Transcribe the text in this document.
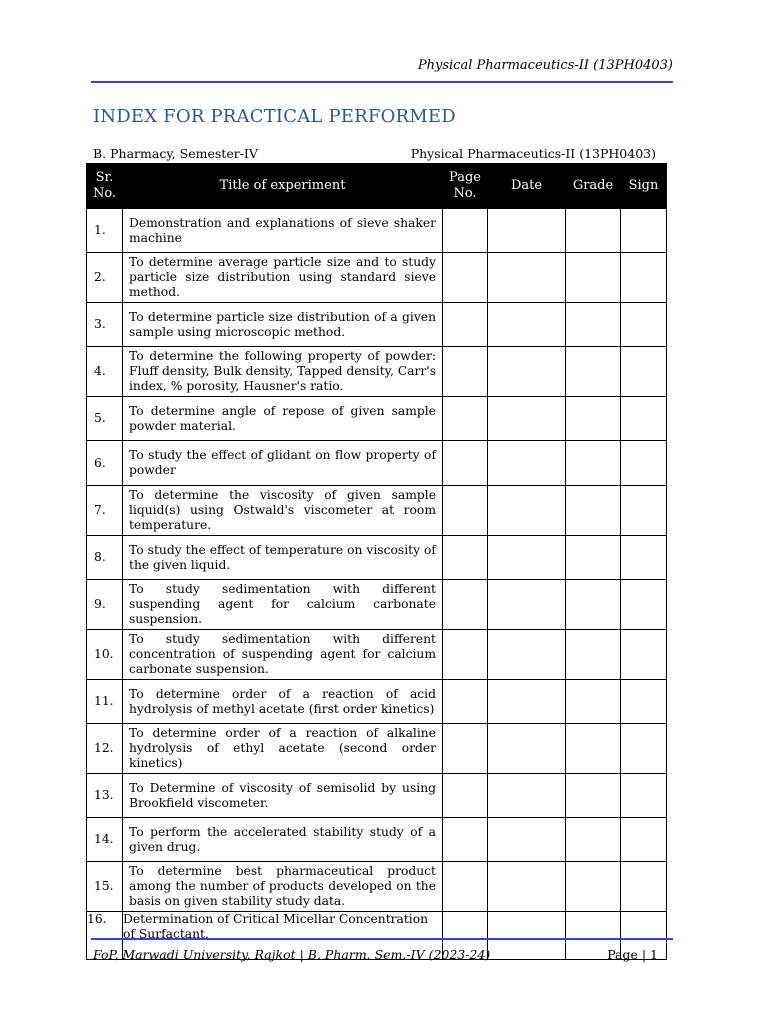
Physical Pharmaceutics-II (13PH0403)
INDEX FOR PRACTICAL PERFORMED
B. Pharmacy, Semester-IV	Physical Pharmaceutics-II (13PH0403)
Sr. No.	Title of experiment	Page No.	Date	Grade	Sign
1.	Demonstration and explanations of sieve shaker machine				
2.	To determine average particle size and to study particle size distribution using standard sieve method.				
3.	To determine particle size distribution of a given sample using microscopic method.				
4.	To determine the following property of powder: Fluff density, Bulk density, Tapped density, Carr's index, % porosity, Hausner's ratio.				
5.	To determine angle of repose of given sample powder material.				
6.	To study the effect of glidant on flow property of powder				
7.	To determine the viscosity of given sample liquid(s) using Ostwald's viscometer at room temperature.				
8.	To study the effect of temperature on viscosity of the given liquid.				
9.	To study sedimentation with different suspending agent for calcium carbonate suspension.				
10.	To study sedimentation with different concentration of suspending agent for calcium carbonate suspension.				
11.	To determine order of a reaction of acid hydrolysis of methyl acetate (first order kinetics)				
12.	To determine order of a reaction of alkaline hydrolysis of ethyl acetate (second order kinetics)				
13.	To Determine of viscosity of semisolid by using Brookfield viscometer.				
14.	To perform the accelerated stability study of a given drug.				
15.	To determine best pharmaceutical product among the number of products developed on the basis on given stability study data.				
16.	Determination of Critical Micellar Concentration of Surfactant.				
FoP, Marwadi University, Rajkot | B. Pharm. Sem.-IV (2023-24)	Page | 1
